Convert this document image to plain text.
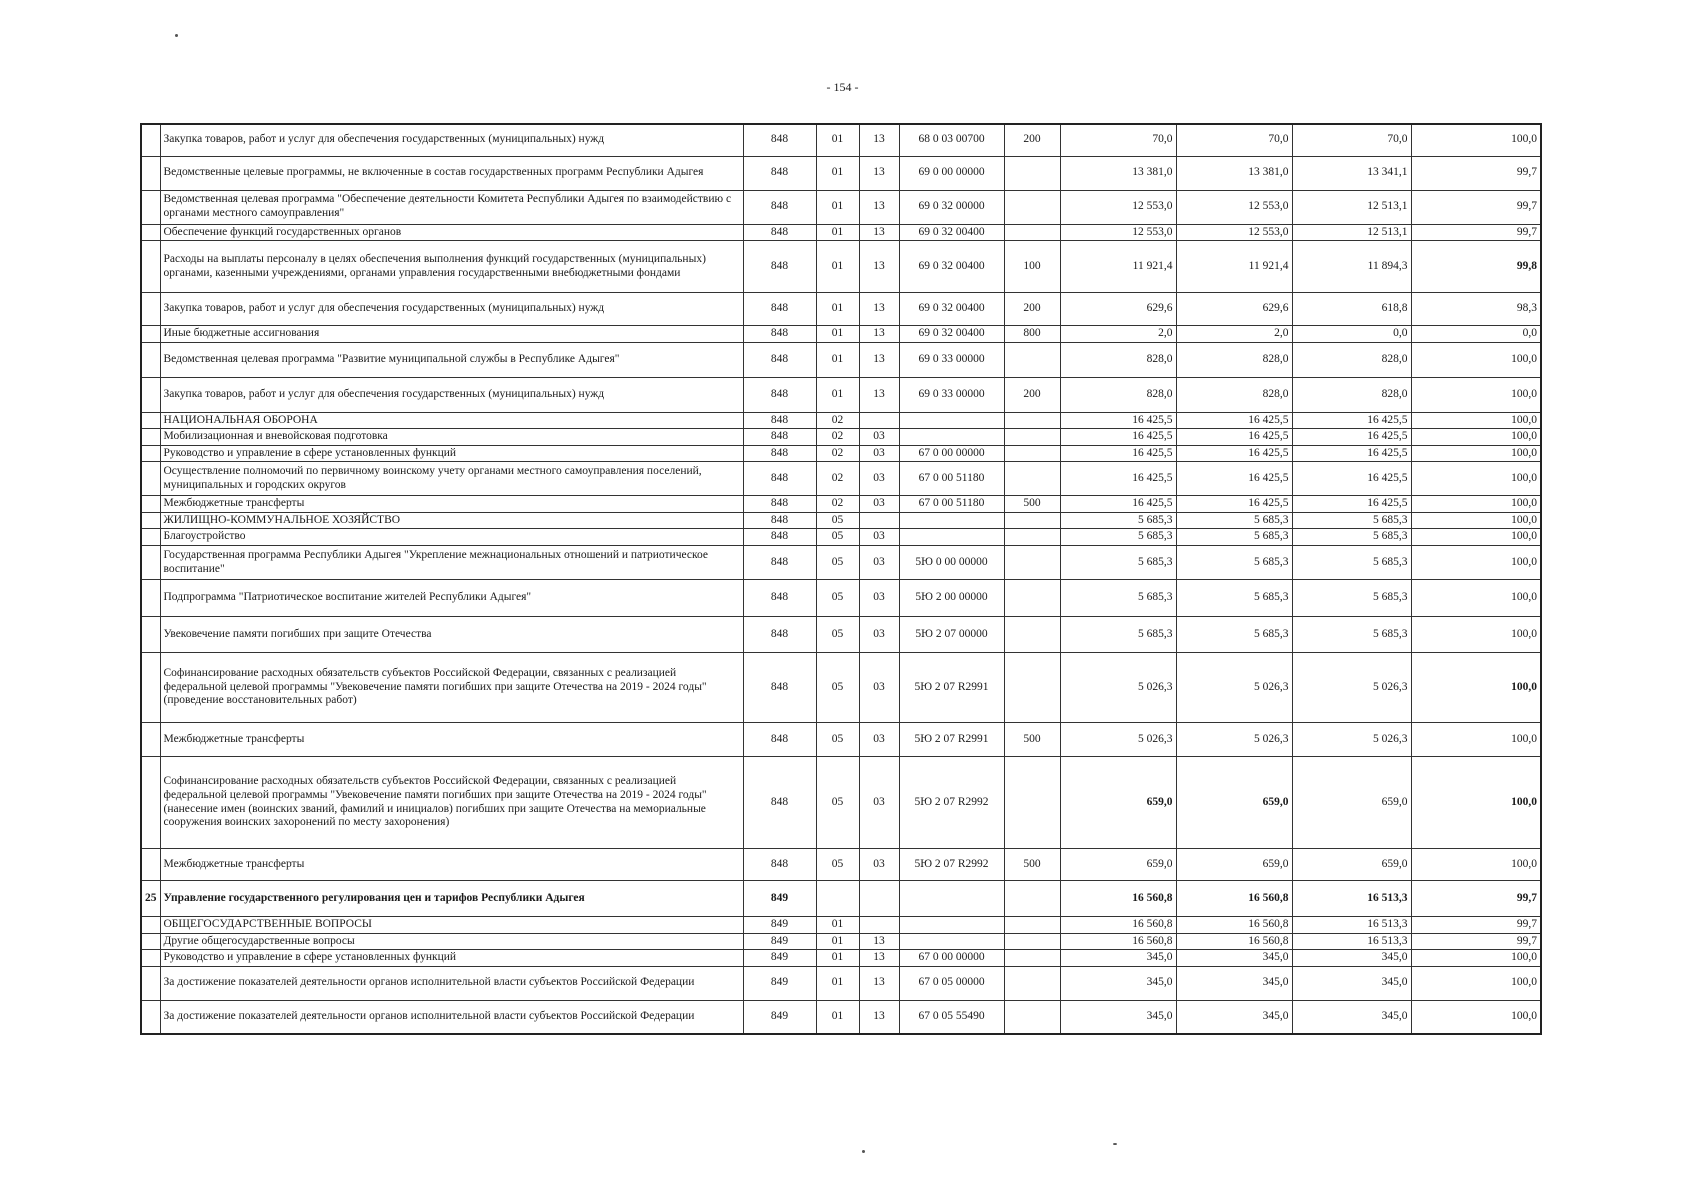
- 154 -
	Закупка товаров, работ и услуг для обеспечения государственных (муниципальных) нужд	848	01	13	68 0 03 00700	200	70,0	70,0	70,0	100,0
	Ведомственные целевые программы, не включенные в состав государственных программ Республики Адыгея	848	01	13	69 0 00 00000		13 381,0	13 381,0	13 341,1	99,7
	Ведомственная целевая программа "Обеспечение деятельности Комитета Республики Адыгея по взаимодействию с органами местного самоуправления"	848	01	13	69 0 32 00000		12 553,0	12 553,0	12 513,1	99,7
	Обеспечение функций государственных органов	848	01	13	69 0 32 00400		12 553,0	12 553,0	12 513,1	99,7
	Расходы на выплаты персоналу в целях обеспечения выполнения функций государственных (муниципальных) органами, казенными учреждениями, органами управления государственными внебюджетными фондами	848	01	13	69 0 32 00400	100	11 921,4	11 921,4	11 894,3	99,8
	Закупка товаров, работ и услуг для обеспечения государственных (муниципальных) нужд	848	01	13	69 0 32 00400	200	629,6	629,6	618,8	98,3
	Иные бюджетные ассигнования	848	01	13	69 0 32 00400	800	2,0	2,0	0,0	0,0
	Ведомственная целевая программа "Развитие муниципальной службы в Республике Адыгея"	848	01	13	69 0 33 00000		828,0	828,0	828,0	100,0
	Закупка товаров, работ и услуг для обеспечения государственных (муниципальных) нужд	848	01	13	69 0 33 00000	200	828,0	828,0	828,0	100,0
	НАЦИОНАЛЬНАЯ ОБОРОНА	848	02				16 425,5	16 425,5	16 425,5	100,0
	Мобилизационная и вневойсковая подготовка	848	02	03			16 425,5	16 425,5	16 425,5	100,0
	Руководство и управление в сфере установленных функций	848	02	03	67 0 00 00000		16 425,5	16 425,5	16 425,5	100,0
	Осуществление полномочий по первичному воинскому учету органами местного самоуправления поселений, муниципальных и городских округов	848	02	03	67 0 00 51180		16 425,5	16 425,5	16 425,5	100,0
	Межбюджетные трансферты	848	02	03	67 0 00 51180	500	16 425,5	16 425,5	16 425,5	100,0
	ЖИЛИЩНО-КОММУНАЛЬНОЕ ХОЗЯЙСТВО	848	05				5 685,3	5 685,3	5 685,3	100,0
	Благоустройство	848	05	03			5 685,3	5 685,3	5 685,3	100,0
	Государственная программа Республики Адыгея "Укрепление межнациональных отношений и патриотическое воспитание"	848	05	03	5Ю 0 00 00000		5 685,3	5 685,3	5 685,3	100,0
	Подпрограмма "Патриотическое воспитание жителей Республики Адыгея"	848	05	03	5Ю 2 00 00000		5 685,3	5 685,3	5 685,3	100,0
	Увековечение памяти погибших при защите Отечества	848	05	03	5Ю 2 07 00000		5 685,3	5 685,3	5 685,3	100,0
	Софинансирование расходных обязательств субъектов Российской Федерации, связанных с реализацией федеральной целевой программы "Увековечение памяти погибших при защите Отечества на 2019 - 2024 годы" (проведение восстановительных работ)	848	05	03	5Ю 2 07 R2991		5 026,3	5 026,3	5 026,3	100,0
	Межбюджетные трансферты	848	05	03	5Ю 2 07 R2991	500	5 026,3	5 026,3	5 026,3	100,0
	Софинансирование расходных обязательств субъектов Российской Федерации, связанных с реализацией федеральной целевой программы "Увековечение памяти погибших при защите Отечества на 2019 - 2024 годы" (нанесение имен (воинских званий, фамилий и инициалов) погибших при защите Отечества на мемориальные сооружения воинских захоронений по месту захоронения)	848	05	03	5Ю 2 07 R2992		659,0	659,0	659,0	100,0
	Межбюджетные трансферты	848	05	03	5Ю 2 07 R2992	500	659,0	659,0	659,0	100,0
25	Управление государственного регулирования цен и тарифов Республики Адыгея	849					16 560,8	16 560,8	16 513,3	99,7
	ОБЩЕГОСУДАРСТВЕННЫЕ ВОПРОСЫ	849	01				16 560,8	16 560,8	16 513,3	99,7
	Другие общегосударственные вопросы	849	01	13			16 560,8	16 560,8	16 513,3	99,7
	Руководство и управление в сфере установленных функций	849	01	13	67 0 00 00000		345,0	345,0	345,0	100,0
	За достижение показателей деятельности органов исполнительной власти субъектов Российской Федерации	849	01	13	67 0 05 00000		345,0	345,0	345,0	100,0
	За достижение показателей деятельности органов исполнительной власти субъектов Российской Федерации	849	01	13	67 0 05 55490		345,0	345,0	345,0	100,0
